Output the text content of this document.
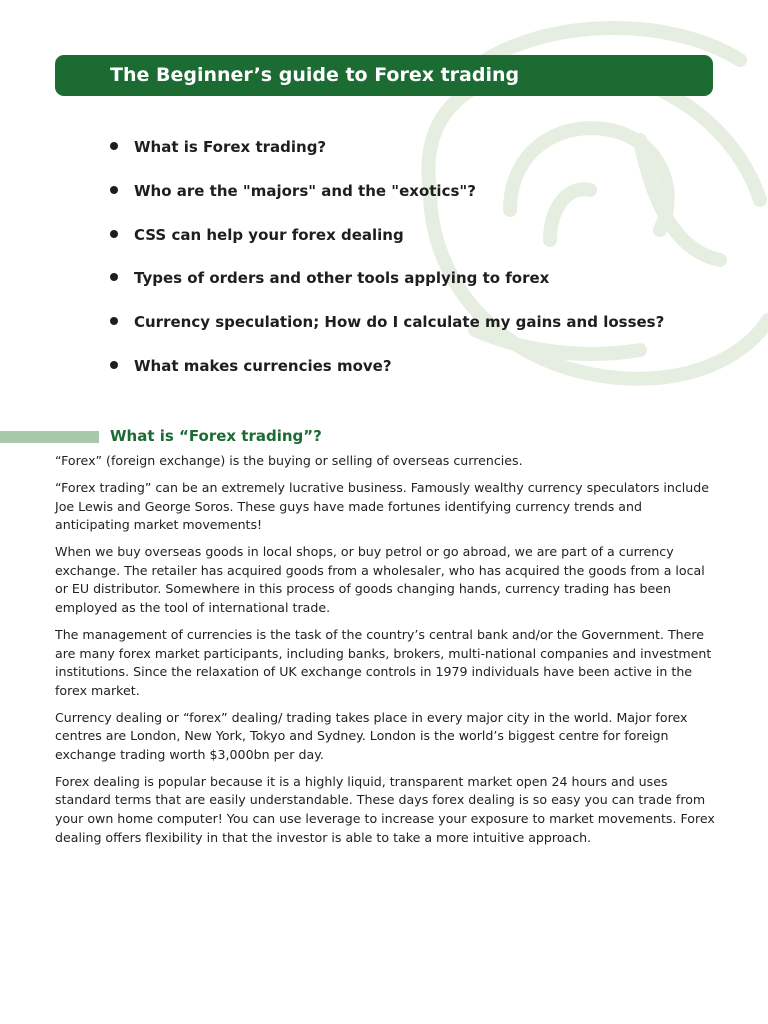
The Beginner’s guide to Forex trading
What is Forex trading?
Who are the "majors" and the "exotics"?
CSS can help your forex dealing
Types of orders and other tools applying to forex
Currency speculation; How do I calculate my gains and losses?
What makes currencies move?
What is “Forex trading”?

“Forex” (foreign exchange) is the buying or selling of overseas currencies.

“Forex trading” can be an extremely lucrative business. Famously wealthy currency speculators include Joe Lewis and George Soros. These guys have made fortunes identifying currency trends and anticipating market movements!

When we buy overseas goods in local shops, or buy petrol or go abroad, we are part of a currency exchange. The retailer has acquired goods from a wholesaler, who has acquired the goods from a local or EU distributor. Somewhere in this process of goods changing hands, currency trading has been employed as the tool of international trade.

The management of currencies is the task of the country’s central bank and/or the Government. There are many forex market participants, including banks, brokers, multi-national companies and investment institutions. Since the relaxation of UK exchange controls in 1979 individuals have been active in the forex market.

Currency dealing or “forex” dealing/ trading takes place in every major city in the world. Major forex centres are London, New York, Tokyo and Sydney. London is the world’s biggest centre for foreign exchange trading worth $3,000bn per day.

Forex dealing is popular because it is a highly liquid, transparent market open 24 hours and uses standard terms that are easily understandable. These days forex dealing is so easy you can trade from your own home computer! You can use leverage to increase your exposure to market movements. Forex dealing offers flexibility in that the investor is able to take a more intuitive approach.
